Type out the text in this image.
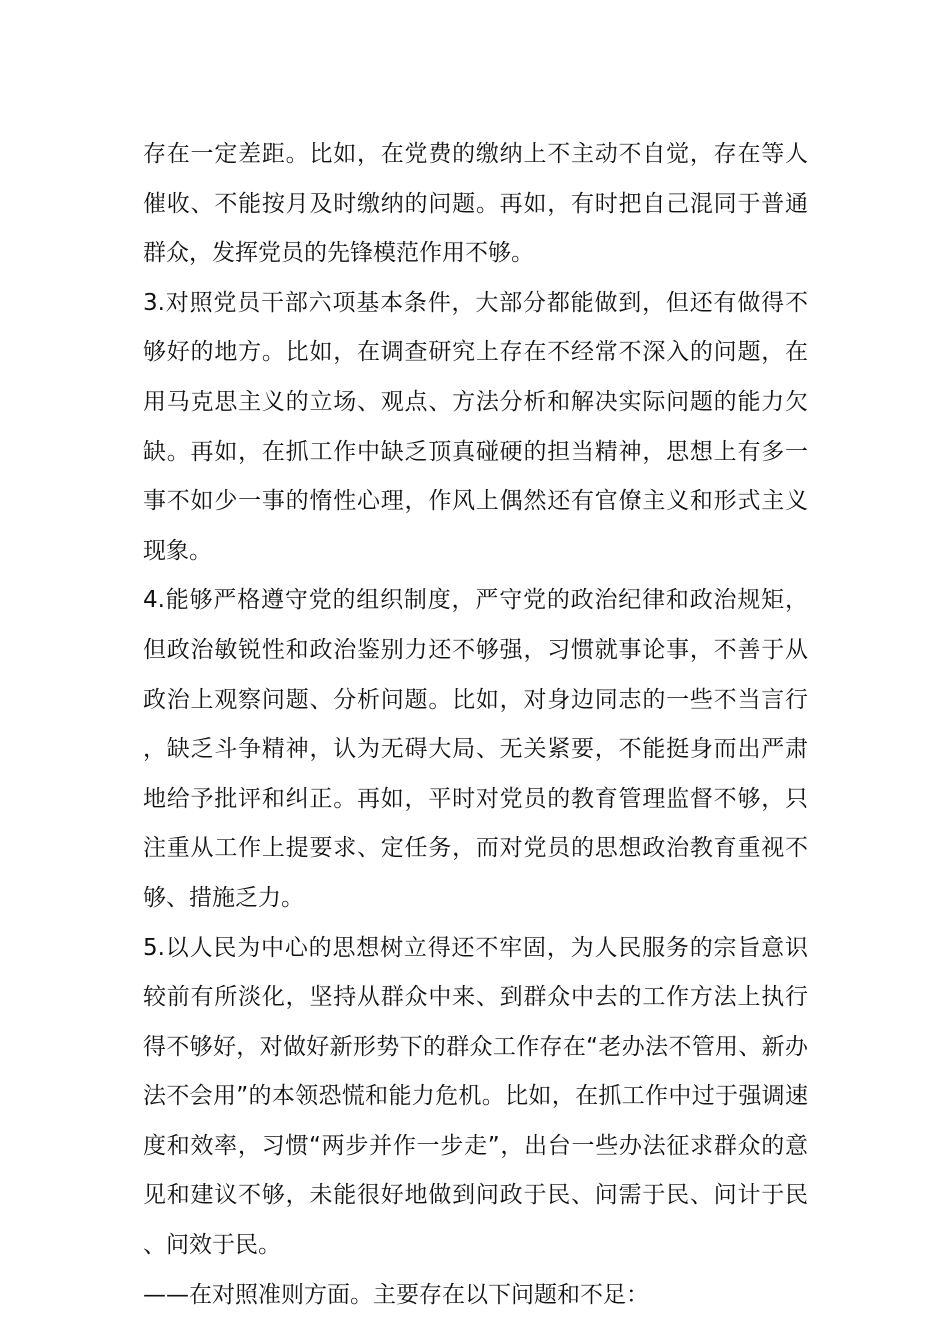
存在一定差距。比如，在党费的缴纳上不主动不自觉，存在等人催收、不能按月及时缴纳的问题。再如，有时把自己混同于普通群众，发挥党员的先锋模范作用不够。

3.对照党员干部六项基本条件，大部分都能做到，但还有做得不够好的地方。比如，在调查研究上存在不经常不深入的问题，在用马克思主义的立场、观点、方法分析和解决实际问题的能力欠缺。再如，在抓工作中缺乏顶真碰硬的担当精神，思想上有多一事不如少一事的惰性心理，作风上偶然还有官僚主义和形式主义现象。

4.能够严格遵守党的组织制度，严守党的政治纪律和政治规矩，但政治敏锐性和政治鉴别力还不够强，习惯就事论事，不善于从政治上观察问题、分析问题。比如，对身边同志的一些不当言行，缺乏斗争精神，认为无碍大局、无关紧要，不能挺身而出严肃地给予批评和纠正。再如，平时对党员的教育管理监督不够，只注重从工作上提要求、定任务，而对党员的思想政治教育重视不够、措施乏力。

5.以人民为中心的思想树立得还不牢固，为人民服务的宗旨意识较前有所淡化，坚持从群众中来、到群众中去的工作方法上执行得不够好，对做好新形势下的群众工作存在“老办法不管用、新办法不会用”的本领恐慌和能力危机。比如，在抓工作中过于强调速度和效率，习惯“两步并作一步走”，出台一些办法征求群众的意见和建议不够，未能很好地做到问政于民、问需于民、问计于民、问效于民。

——在对照准则方面。主要存在以下问题和不足：
